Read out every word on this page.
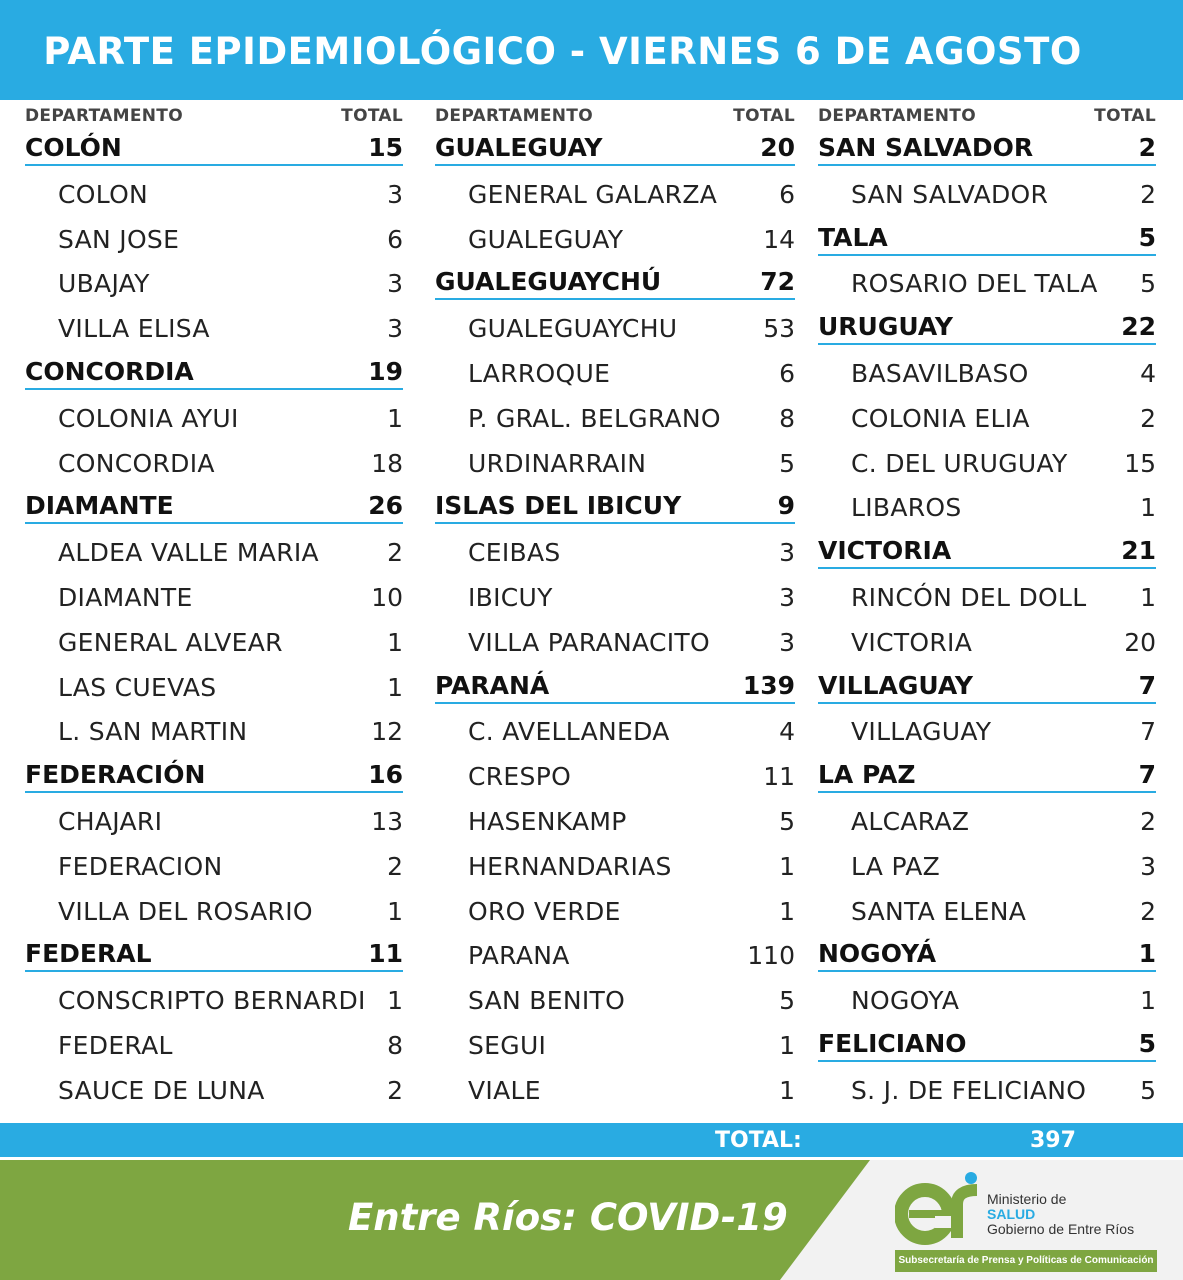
PARTE EPIDEMIOLÓGICO - VIERNES 6 DE AGOSTO
DEPARTAMENTO	TOTAL
COLÓN	15
COLON	3
SAN JOSE	6
UBAJAY	3
VILLA ELISA	3
CONCORDIA	19
COLONIA AYUI	1
CONCORDIA	18
DIAMANTE	26
ALDEA VALLE MARIA	2
DIAMANTE	10
GENERAL ALVEAR	1
LAS CUEVAS	1
L. SAN MARTIN	12
FEDERACIÓN	16
CHAJARI	13
FEDERACION	2
VILLA DEL ROSARIO	1
FEDERAL	11
CONSCRIPTO BERNARDI 1
FEDERAL	8
SAUCE DE LUNA	2
DEPARTAMENTO	TOTAL
GUALEGUAY	20
GENERAL GALARZA 6
GUALEGUAY	14
GUALEGUAYCHÚ	72
GUALEGUAYCHU	53
LARROQUE	6
P. GRAL. BELGRANO 8
URDINARRAIN	5
ISLAS DEL IBICUY	9
CEIBAS	3
IBICUY	3
VILLA PARANACITO	3
PARANÁ	139
C. AVELLANEDA	4
CRESPO	11
HASENKAMP	5
HERNANDARIAS	1
ORO VERDE	1
PARANA	110
SAN BENITO	5
SEGUI	1
VIALE	1
DEPARTAMENTO	TOTAL
SAN SALVADOR	2
SAN SALVADOR	2
TALA	5
ROSARIO DEL TALA 5
URUGUAY	22
BASAVILBASO	4
COLONIA ELIA	2
C. DEL URUGUAY 15
LIBAROS	1
VICTORIA	21
RINCÓN DEL DOLL 1
VICTORIA	20
VILLAGUAY	7
VILLAGUAY	7
LA PAZ	7
ALCARAZ	2
LA PAZ	3
SANTA ELENA	2
NOGOYÁ	1
NOGOYA	1
FELICIANO	5
S. J. DE FELICIANO 5
TOTAL:	397
Entre Ríos: COVID-19	Ministerio de
SALUD
Gobierno de Entre Ríos
Subsecretaría de Prensa y Políticas de Comunicación
